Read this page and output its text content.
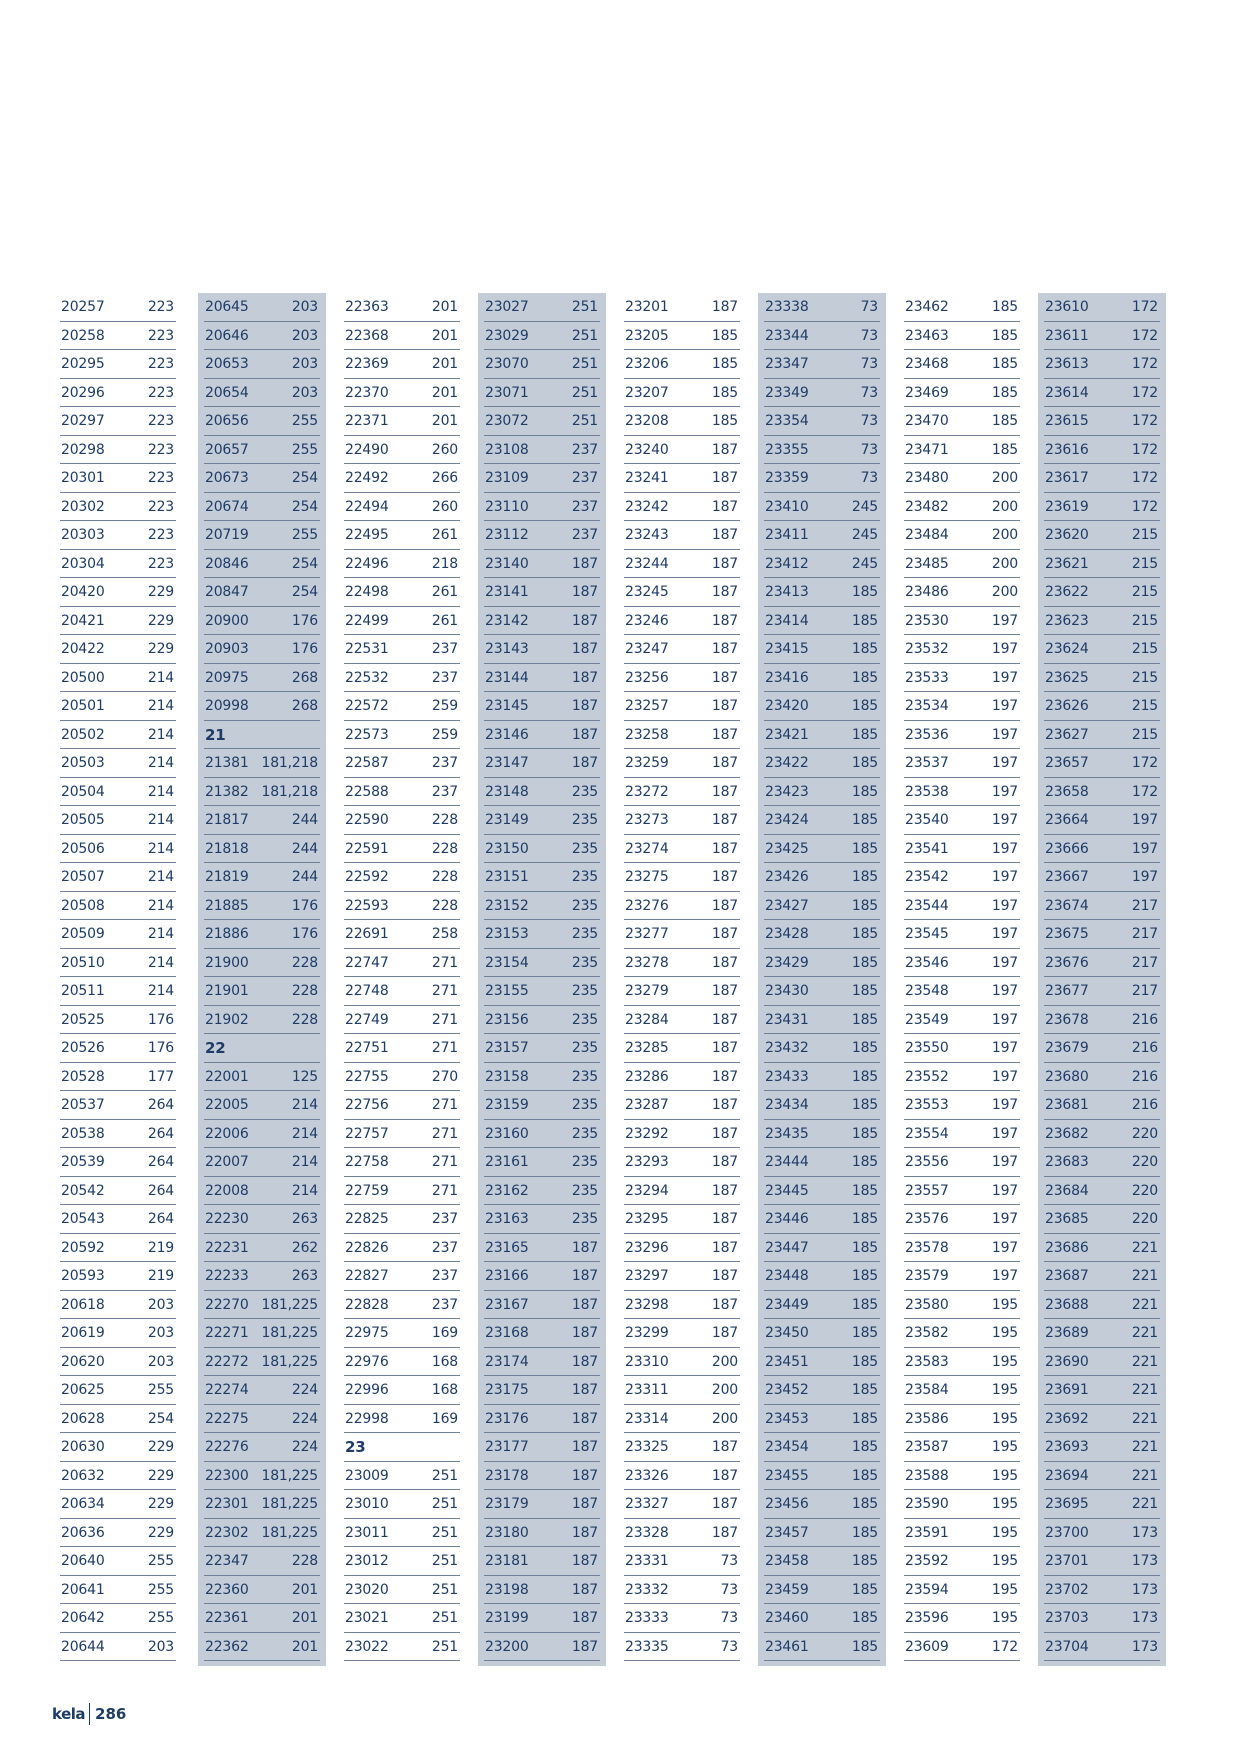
20257	223
20258	223
20295	223
20296	223
20297	223
20298	223
20301	223
20302	223
20303	223
20304	223
20420	229
20421	229
20422	229
20500	214
20501	214
20502	214
20503	214
20504	214
20505	214
20506	214
20507	214
20508	214
20509	214
20510	214
20511	214
20525	176
20526	176
20528	177
20537	264
20538	264
20539	264
20542	264
20543	264
20592	219
20593	219
20618	203
20619	203
20620	203
20625	255
20628	254
20630	229
20632	229
20634	229
20636	229
20640	255
20641	255
20642	255
20644	203
20645	203
20646	203
20653	203
20654	203
20656	255
20657	255
20673	254
20674	254
20719	255
20846	254
20847	254
20900	176
20903	176
20975	268
20998	268
21
21381 181,218
21382 181,218
21817	244
21818	244
21819	244
21885	176
21886	176
21900	228
21901	228
21902	228
22
22001	125
22005	214
22006	214
22007	214
22008	214
22230	263
22231	262
22233	263
22270 181,225
22271 181,225
22272 181,225
22274	224
22275	224
22276	224
22300 181,225
22301 181,225
22302 181,225
22347	228
22360	201
22361	201
22362	201
22363	201
22368	201
22369	201
22370	201
22371	201
22490	260
22492	266
22494	260
22495	261
22496	218
22498	261
22499	261
22531	237
22532	237
22572	259
22573	259
22587	237
22588	237
22590	228
22591	228
22592	228
22593	228
22691	258
22747	271
22748	271
22749	271
22751	271
22755	270
22756	271
22757	271
22758	271
22759	271
22825	237
22826	237
22827	237
22828	237
22975	169
22976	168
22996	168
22998	169
23
23009	251
23010	251
23011	251
23012	251
23020	251
23021	251
23022	251
23027	251
23029	251
23070	251
23071	251
23072	251
23108	237
23109	237
23110	237
23112	237
23140	187
23141	187
23142	187
23143	187
23144	187
23145	187
23146	187
23147	187
23148	235
23149	235
23150	235
23151	235
23152	235
23153	235
23154	235
23155	235
23156	235
23157	235
23158	235
23159	235
23160	235
23161	235
23162	235
23163	235
23165	187
23166	187
23167	187
23168	187
23174	187
23175	187
23176	187
23177	187
23178	187
23179	187
23180	187
23181	187
23198	187
23199	187
23200	187
23201	187
23205	185
23206	185
23207	185
23208	185
23240	187
23241	187
23242	187
23243	187
23244	187
23245	187
23246	187
23247	187
23256	187
23257	187
23258	187
23259	187
23272	187
23273	187
23274	187
23275	187
23276	187
23277	187
23278	187
23279	187
23284	187
23285	187
23286	187
23287	187
23292	187
23293	187
23294	187
23295	187
23296	187
23297	187
23298	187
23299	187
23310	200
23311	200
23314	200
23325	187
23326	187
23327	187
23328	187
23331	73
23332	73
23333	73
23335	73
23338	73
23344	73
23347	73
23349	73
23354	73
23355	73
23359	73
23410	245
23411	245
23412	245
23413	185
23414	185
23415	185
23416	185
23420	185
23421	185
23422	185
23423	185
23424	185
23425	185
23426	185
23427	185
23428	185
23429	185
23430	185
23431	185
23432	185
23433	185
23434	185
23435	185
23444	185
23445	185
23446	185
23447	185
23448	185
23449	185
23450	185
23451	185
23452	185
23453	185
23454	185
23455	185
23456	185
23457	185
23458	185
23459	185
23460	185
23461	185
23462	185
23463	185
23468	185
23469	185
23470	185
23471	185
23480	200
23482	200
23484	200
23485	200
23486	200
23530	197
23532	197
23533	197
23534	197
23536	197
23537	197
23538	197
23540	197
23541	197
23542	197
23544	197
23545	197
23546	197
23548	197
23549	197
23550	197
23552	197
23553	197
23554	197
23556	197
23557	197
23576	197
23578	197
23579	197
23580	195
23582	195
23583	195
23584	195
23586	195
23587	195
23588	195
23590	195
23591	195
23592	195
23594	195
23596	195
23609	172
23610	172
23611	172
23613	172
23614	172
23615	172
23616	172
23617	172
23619	172
23620	215
23621	215
23622	215
23623	215
23624	215
23625	215
23626	215
23627	215
23657	172
23658	172
23664	197
23666	197
23667	197
23674	217
23675	217
23676	217
23677	217
23678	216
23679	216
23680	216
23681	216
23682	220
23683	220
23684	220
23685	220
23686	221
23687	221
23688	221
23689	221
23690	221
23691	221
23692	221
23693	221
23694	221
23695	221
23700	173
23701	173
23702	173
23703	173
23704	173
kela 286
